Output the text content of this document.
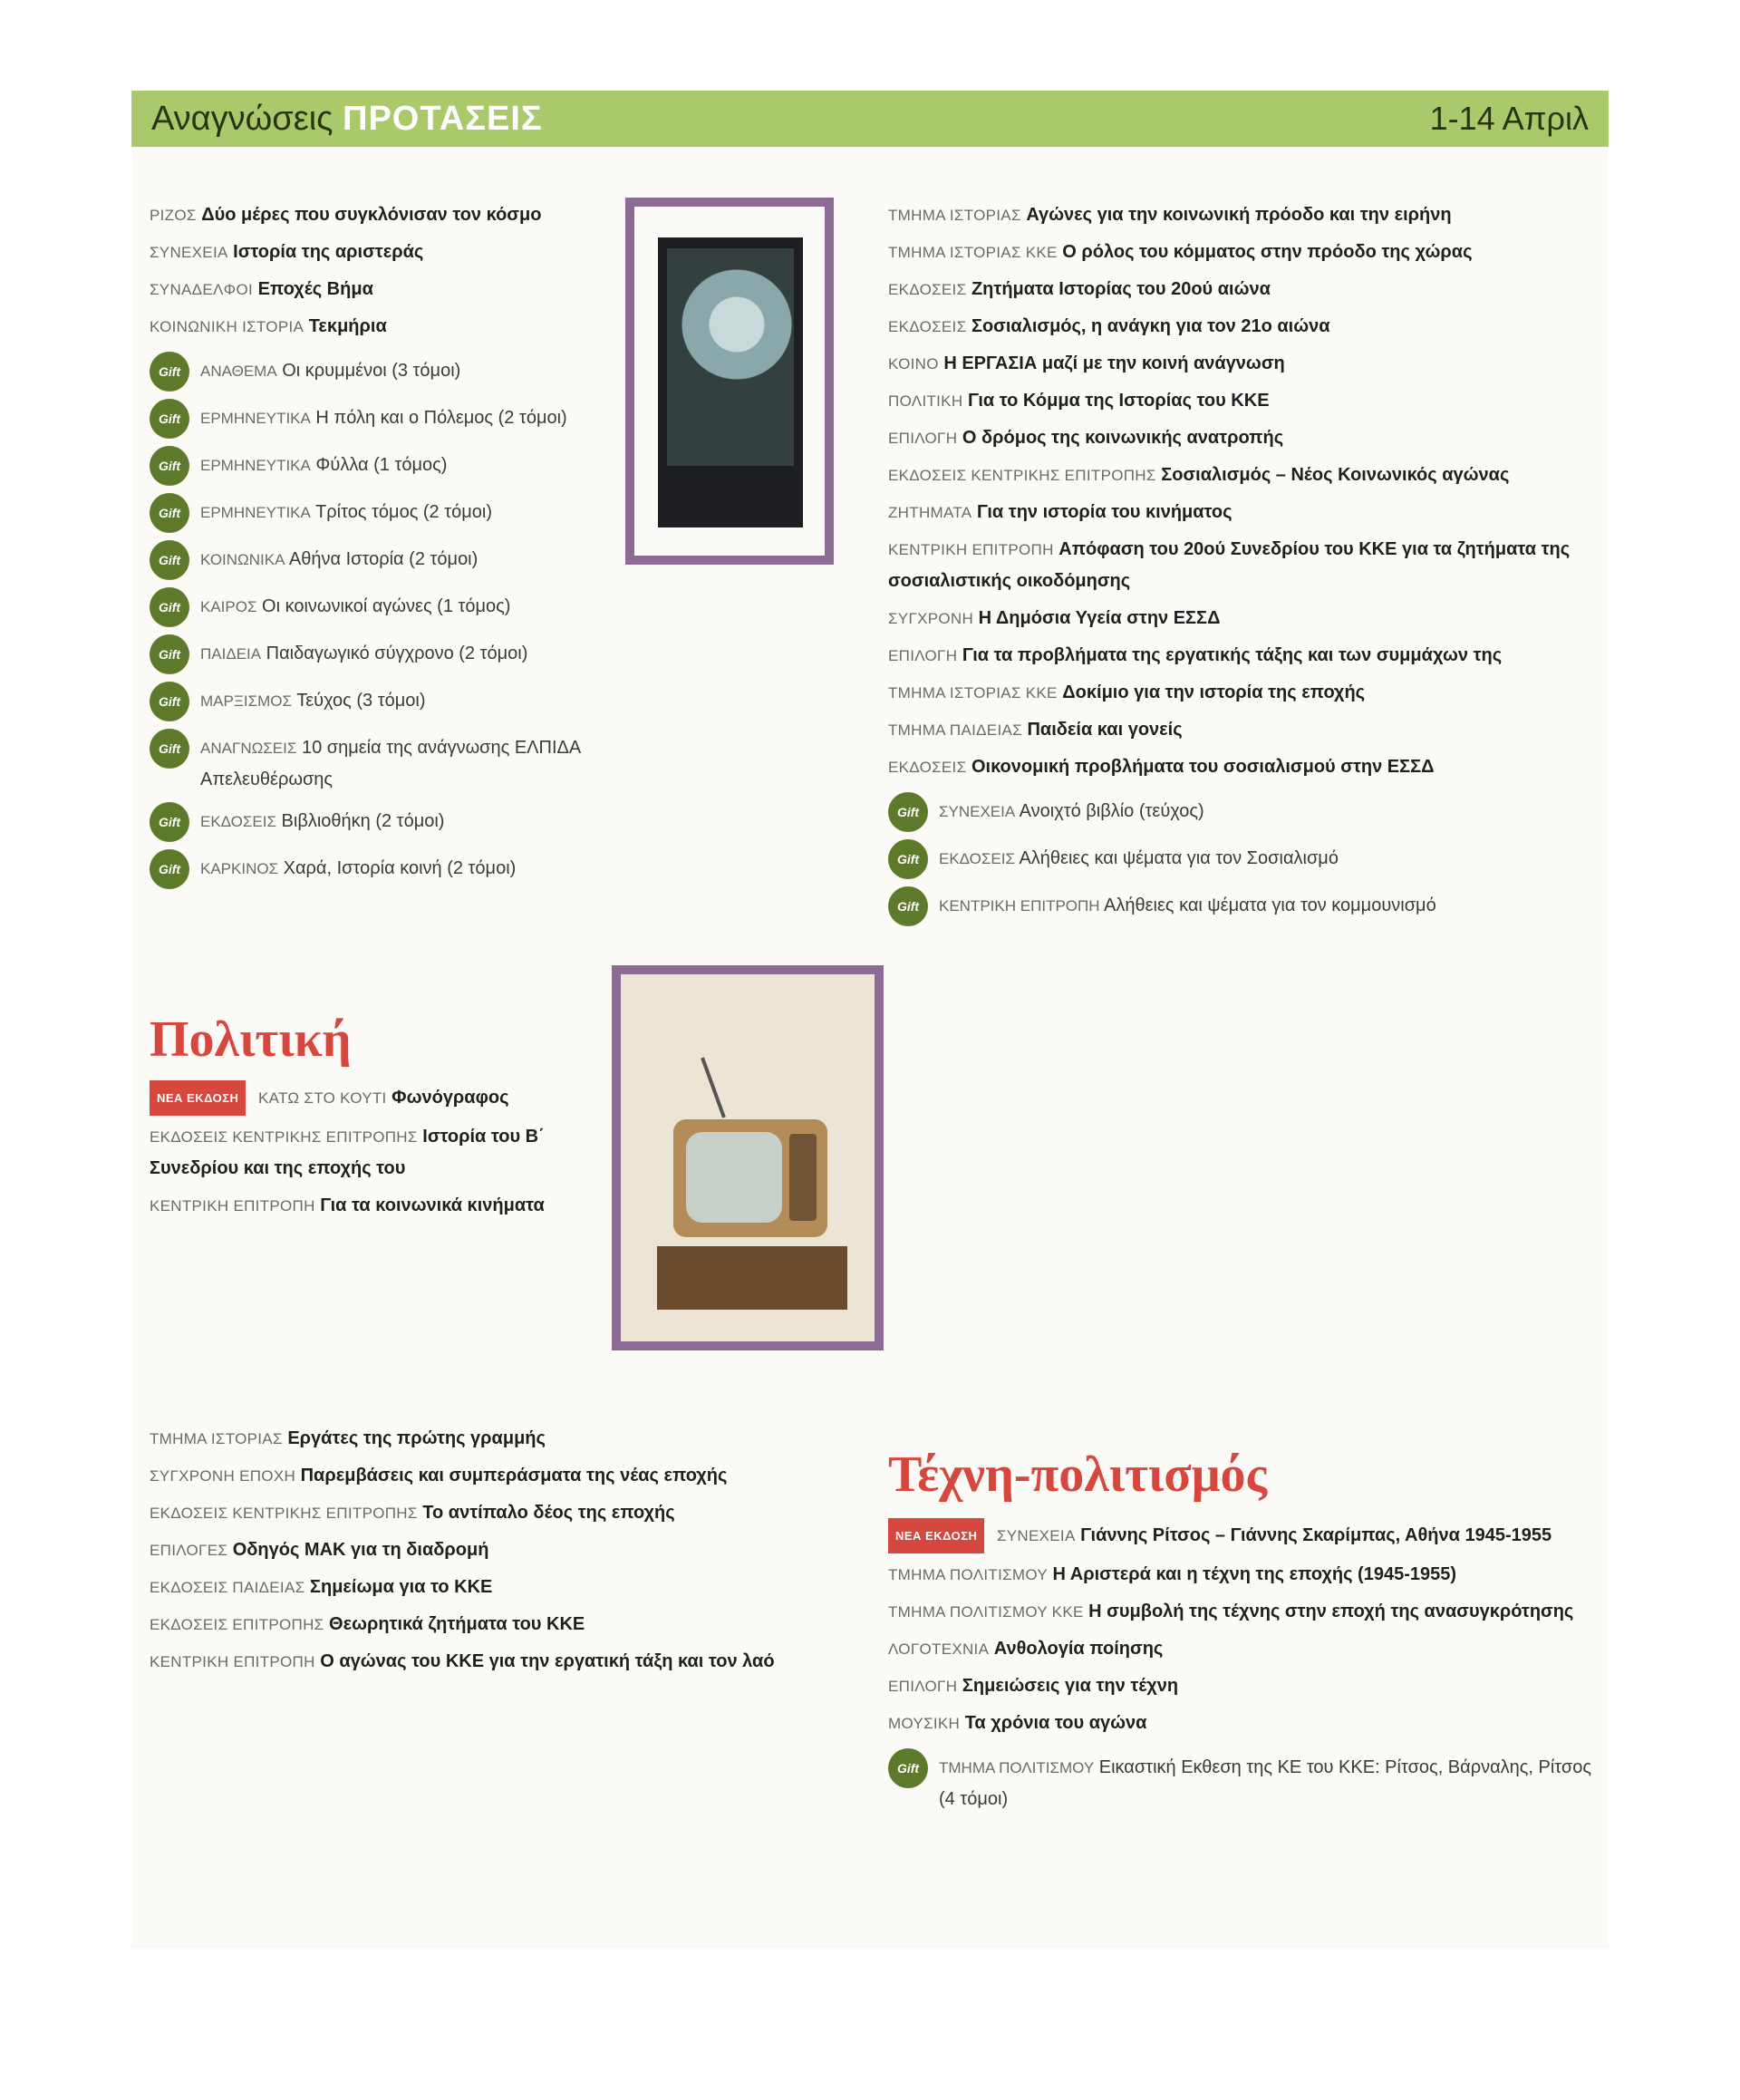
Αναγνώσεις ΠΡΟΤΑΣΕΙΣ	1-14 Απριλ
ΡΙΖΟΣ Δύο μέρες που συγκλόνισαν τον κόσμο
ΣΥΝΕΧΕΙΑ Ιστορία της αριστεράς
ΣΥΝΑΔΕΛΦΟΙ Εποχές Βήμα
ΚΟΙΝΩΝΙΚΗ ΙΣΤΟΡΙΑ Τεκμήρια
Gift	ΑΝΑΘΕΜΑ Οι κρυμμένοι (3 τόμοι)
Gift	ΕΡΜΗΝΕΥΤΙΚΑ Η πόλη και ο Πόλεμος (2 τόμοι)
Gift	ΕΡΜΗΝΕΥΤΙΚΑ Φύλλα (1 τόμος)
Gift	ΕΡΜΗΝΕΥΤΙΚΑ Τρίτος τόμος (2 τόμοι)
Gift	ΚΟΙΝΩΝΙΚΑ Αθήνα Ιστορία (2 τόμοι)
Gift	ΚΑΙΡΟΣ Οι κοινωνικοί αγώνες (1 τόμος)
Gift	ΠΑΙΔΕΙΑ Παιδαγωγικό σύγχρονο (2 τόμοι)
Gift	ΜΑΡΞΙΣΜΟΣ Τεύχος (3 τόμοι)
Gift	ΑΝΑΓΝΩΣΕΙΣ 10 σημεία της ανάγνωσης ΕΛΠΙΔΑ Απελευθέρωσης
Gift	ΕΚΔΟΣΕΙΣ Βιβλιοθήκη (2 τόμοι)
Gift	ΚΑΡΚΙΝΟΣ Χαρά, Ιστορία κοινή (2 τόμοι)
Πολιτική
ΝΕΑ ΕΚΔΟΣΗ ΚΑΤΩ ΣΤΟ ΚΟΥΤΙ Φωνόγραφος
ΕΚΔΟΣΕΙΣ ΚΕΝΤΡΙΚΗΣ ΕΠΙΤΡΟΠΗΣ Ιστορία του Β΄ Συνεδρίου και της εποχής του
ΚΕΝΤΡΙΚΗ ΕΠΙΤΡΟΠΗ Για τα κοινωνικά κινήματα
ΤΜΗΜΑ ΙΣΤΟΡΙΑΣ Εργάτες της πρώτης γραμμής
ΣΥΓΧΡΟΝΗ ΕΠΟΧΗ Παρεμβάσεις και συμπεράσματα της νέας εποχής
ΕΚΔΟΣΕΙΣ ΚΕΝΤΡΙΚΗΣ ΕΠΙΤΡΟΠΗΣ Το αντίπαλο δέος της εποχής
ΕΠΙΛΟΓΕΣ Οδηγός ΜΑΚ για τη διαδρομή
ΕΚΔΟΣΕΙΣ ΠΑΙΔΕΙΑΣ Σημείωμα για το ΚΚΕ
ΕΚΔΟΣΕΙΣ ΕΠΙΤΡΟΠΗΣ Θεωρητικά ζητήματα του ΚΚΕ
ΚΕΝΤΡΙΚΗ ΕΠΙΤΡΟΠΗ Ο αγώνας του ΚΚΕ για την εργατική τάξη και τον λαό
ΤΜΗΜΑ ΙΣΤΟΡΙΑΣ Αγώνες για την κοινωνική πρόοδο και την ειρήνη
ΤΜΗΜΑ ΙΣΤΟΡΙΑΣ ΚΚΕ Ο ρόλος του κόμματος στην πρόοδο της χώρας
ΕΚΔΟΣΕΙΣ Ζητήματα Ιστορίας του 20ού αιώνα
ΕΚΔΟΣΕΙΣ Σοσιαλισμός, η ανάγκη για τον 21ο αιώνα
ΚΟΙΝΟ Η ΕΡΓΑΣΙΑ μαζί με την κοινή ανάγνωση
ΠΟΛΙΤΙΚΗ Για το Κόμμα της Ιστορίας του ΚΚΕ
ΕΠΙΛΟΓΗ Ο δρόμος της κοινωνικής ανατροπής
ΕΚΔΟΣΕΙΣ ΚΕΝΤΡΙΚΗΣ ΕΠΙΤΡΟΠΗΣ Σοσιαλισμός – Νέος Κοινωνικός αγώνας
ΖΗΤΗΜΑΤΑ Για την ιστορία του κινήματος
ΚΕΝΤΡΙΚΗ ΕΠΙΤΡΟΠΗ Απόφαση του 20ού Συνεδρίου του ΚΚΕ για τα ζητήματα της σοσιαλιστικής οικοδόμησης
ΣΥΓΧΡΟΝΗ Η Δημόσια Υγεία στην ΕΣΣΔ
ΕΠΙΛΟΓΗ Για τα προβλήματα της εργατικής τάξης και των συμμάχων της
ΤΜΗΜΑ ΙΣΤΟΡΙΑΣ ΚΚΕ Δοκίμιο για την ιστορία της εποχής
ΤΜΗΜΑ ΠΑΙΔΕΙΑΣ Παιδεία και γονείς
ΕΚΔΟΣΕΙΣ Οικονομική προβλήματα του σοσιαλισμού στην ΕΣΣΔ
Gift	ΣΥΝΕΧΕΙΑ Ανοιχτό βιβλίο (τεύχος)
Gift	ΕΚΔΟΣΕΙΣ Αλήθειες και ψέματα για τον Σοσιαλισμό
Gift	ΚΕΝΤΡΙΚΗ ΕΠΙΤΡΟΠΗ Αλήθειες και ψέματα για τον κομμουνισμό
Τέχνη-πολιτισμός
ΝΕΑ ΕΚΔΟΣΗ ΣΥΝΕΧΕΙΑ Γιάννης Ρίτσος – Γιάννης Σκαρίμπας, Αθήνα 1945-1955
ΤΜΗΜΑ ΠΟΛΙΤΙΣΜΟΥ Η Αριστερά και η τέχνη της εποχής (1945-1955)
ΤΜΗΜΑ ΠΟΛΙΤΙΣΜΟΥ ΚΚΕ Η συμβολή της τέχνης στην εποχή της ανασυγκρότησης
ΛΟΓΟΤΕΧΝΙΑ Ανθολογία ποίησης
ΕΠΙΛΟΓΗ Σημειώσεις για την τέχνη
ΜΟΥΣΙΚΗ Τα χρόνια του αγώνα
Gift	ΤΜΗΜΑ ΠΟΛΙΤΙΣΜΟΥ Εικαστική Εκθεση της ΚΕ του ΚΚΕ: Ρίτσος, Βάρναλης, Ρίτσος (4 τόμοι)
